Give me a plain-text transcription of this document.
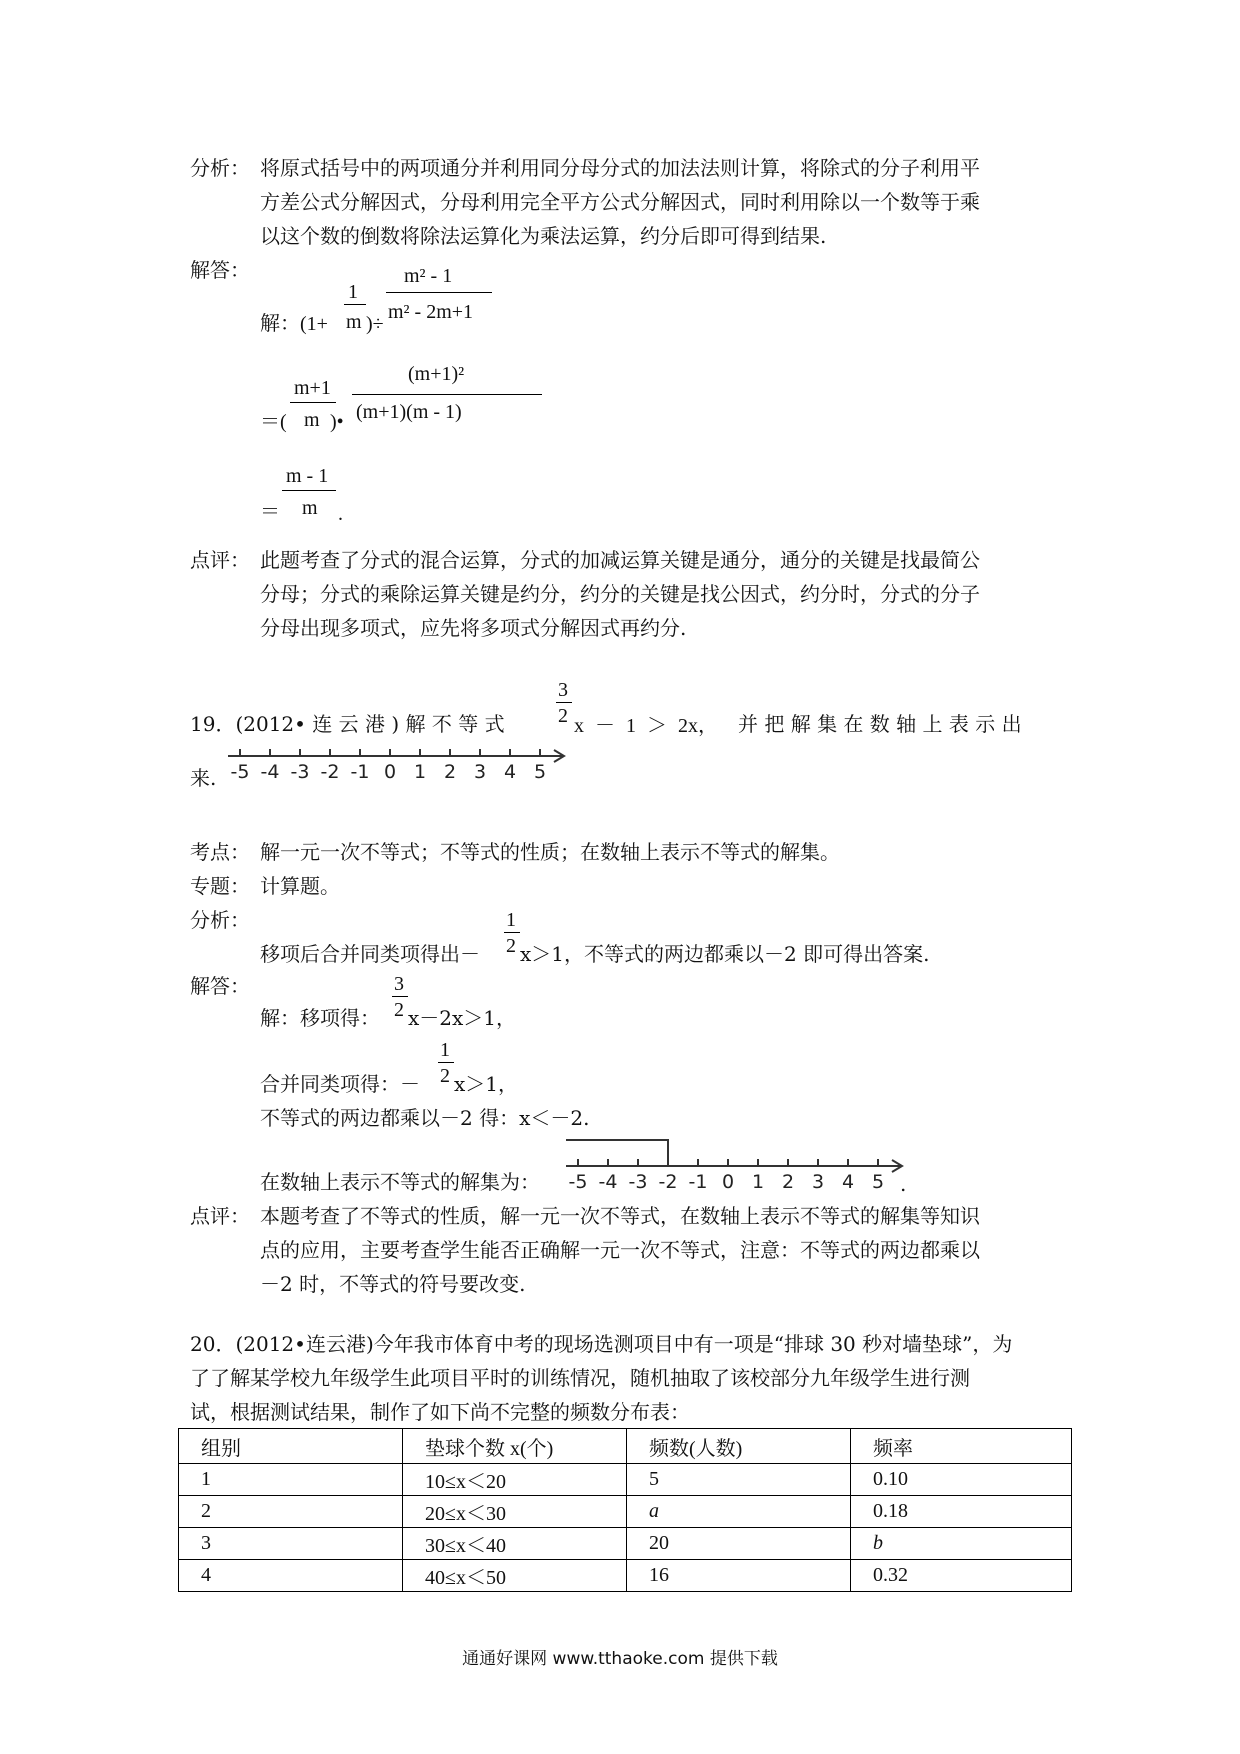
分析： 将原式括号中的两项通分并利用同分母分式的加法法则计算，将除式的分子利用平
方差公式分解因式，分母利用完全平方公式分解因式，同时利用除以一个数等于乘
以这个数的倒数将除法运算化为乘法运算，约分后即可得到结果.
解答：
解：(1+
1
m )÷
m² - 1
m² - 2m+1
＝(
m+1
m )•
(m+1)²
(m+1)(m - 1)
＝
m - 1
m .
点评： 此题考查了分式的混合运算，分式的加减运算关键是通分，通分的关键是找最简公
分母；分式的乘除运算关键是约分，约分的关键是找公因式，约分时，分式的分子
分母出现多项式，应先将多项式分解因式再约分.
19．(2012• 连 云 港 ) 解 不 等 式
3
2 x － 1 ＞ 2x， 并 把 解 集 在 数 轴 上 表 示 出
来. -5 -4 -3 -2 -1 0 1 2 3 4 5
考点： 解一元一次不等式；不等式的性质；在数轴上表示不等式的解集。
专题： 计算题。
分析：
移项后合并同类项得出－
1
2 x＞1，不等式的两边都乘以－2 即可得出答案.
解答：
解：移项得：
3
2 x－2x＞1，
合并同类项得：－
1
2 x＞1，
不等式的两边都乘以－2 得：x＜－2.
在数轴上表示不等式的解集为： -5 -4 -3 -2 -1 0 1 2 3 4 5 .
点评： 本题考查了不等式的性质，解一元一次不等式，在数轴上表示不等式的解集等知识
点的应用，主要考查学生能否正确解一元一次不等式，注意：不等式的两边都乘以
－2 时，不等式的符号要改变.
20．(2012•连云港)今年我市体育中考的现场选测项目中有一项是“排球 30 秒对墙垫球”，为
了了解某学校九年级学生此项目平时的训练情况，随机抽取了该校部分九年级学生进行测
试，根据测试结果，制作了如下尚不完整的频数分布表：
组别	垫球个数 x(个)	频数(人数)	频率
1	10≤x＜20	5	0.10
2	20≤x＜30	a	0.18
3	30≤x＜40	20	b
4	40≤x＜50	16	0.32
通通好课网 www.tthaoke.com 提供下载
